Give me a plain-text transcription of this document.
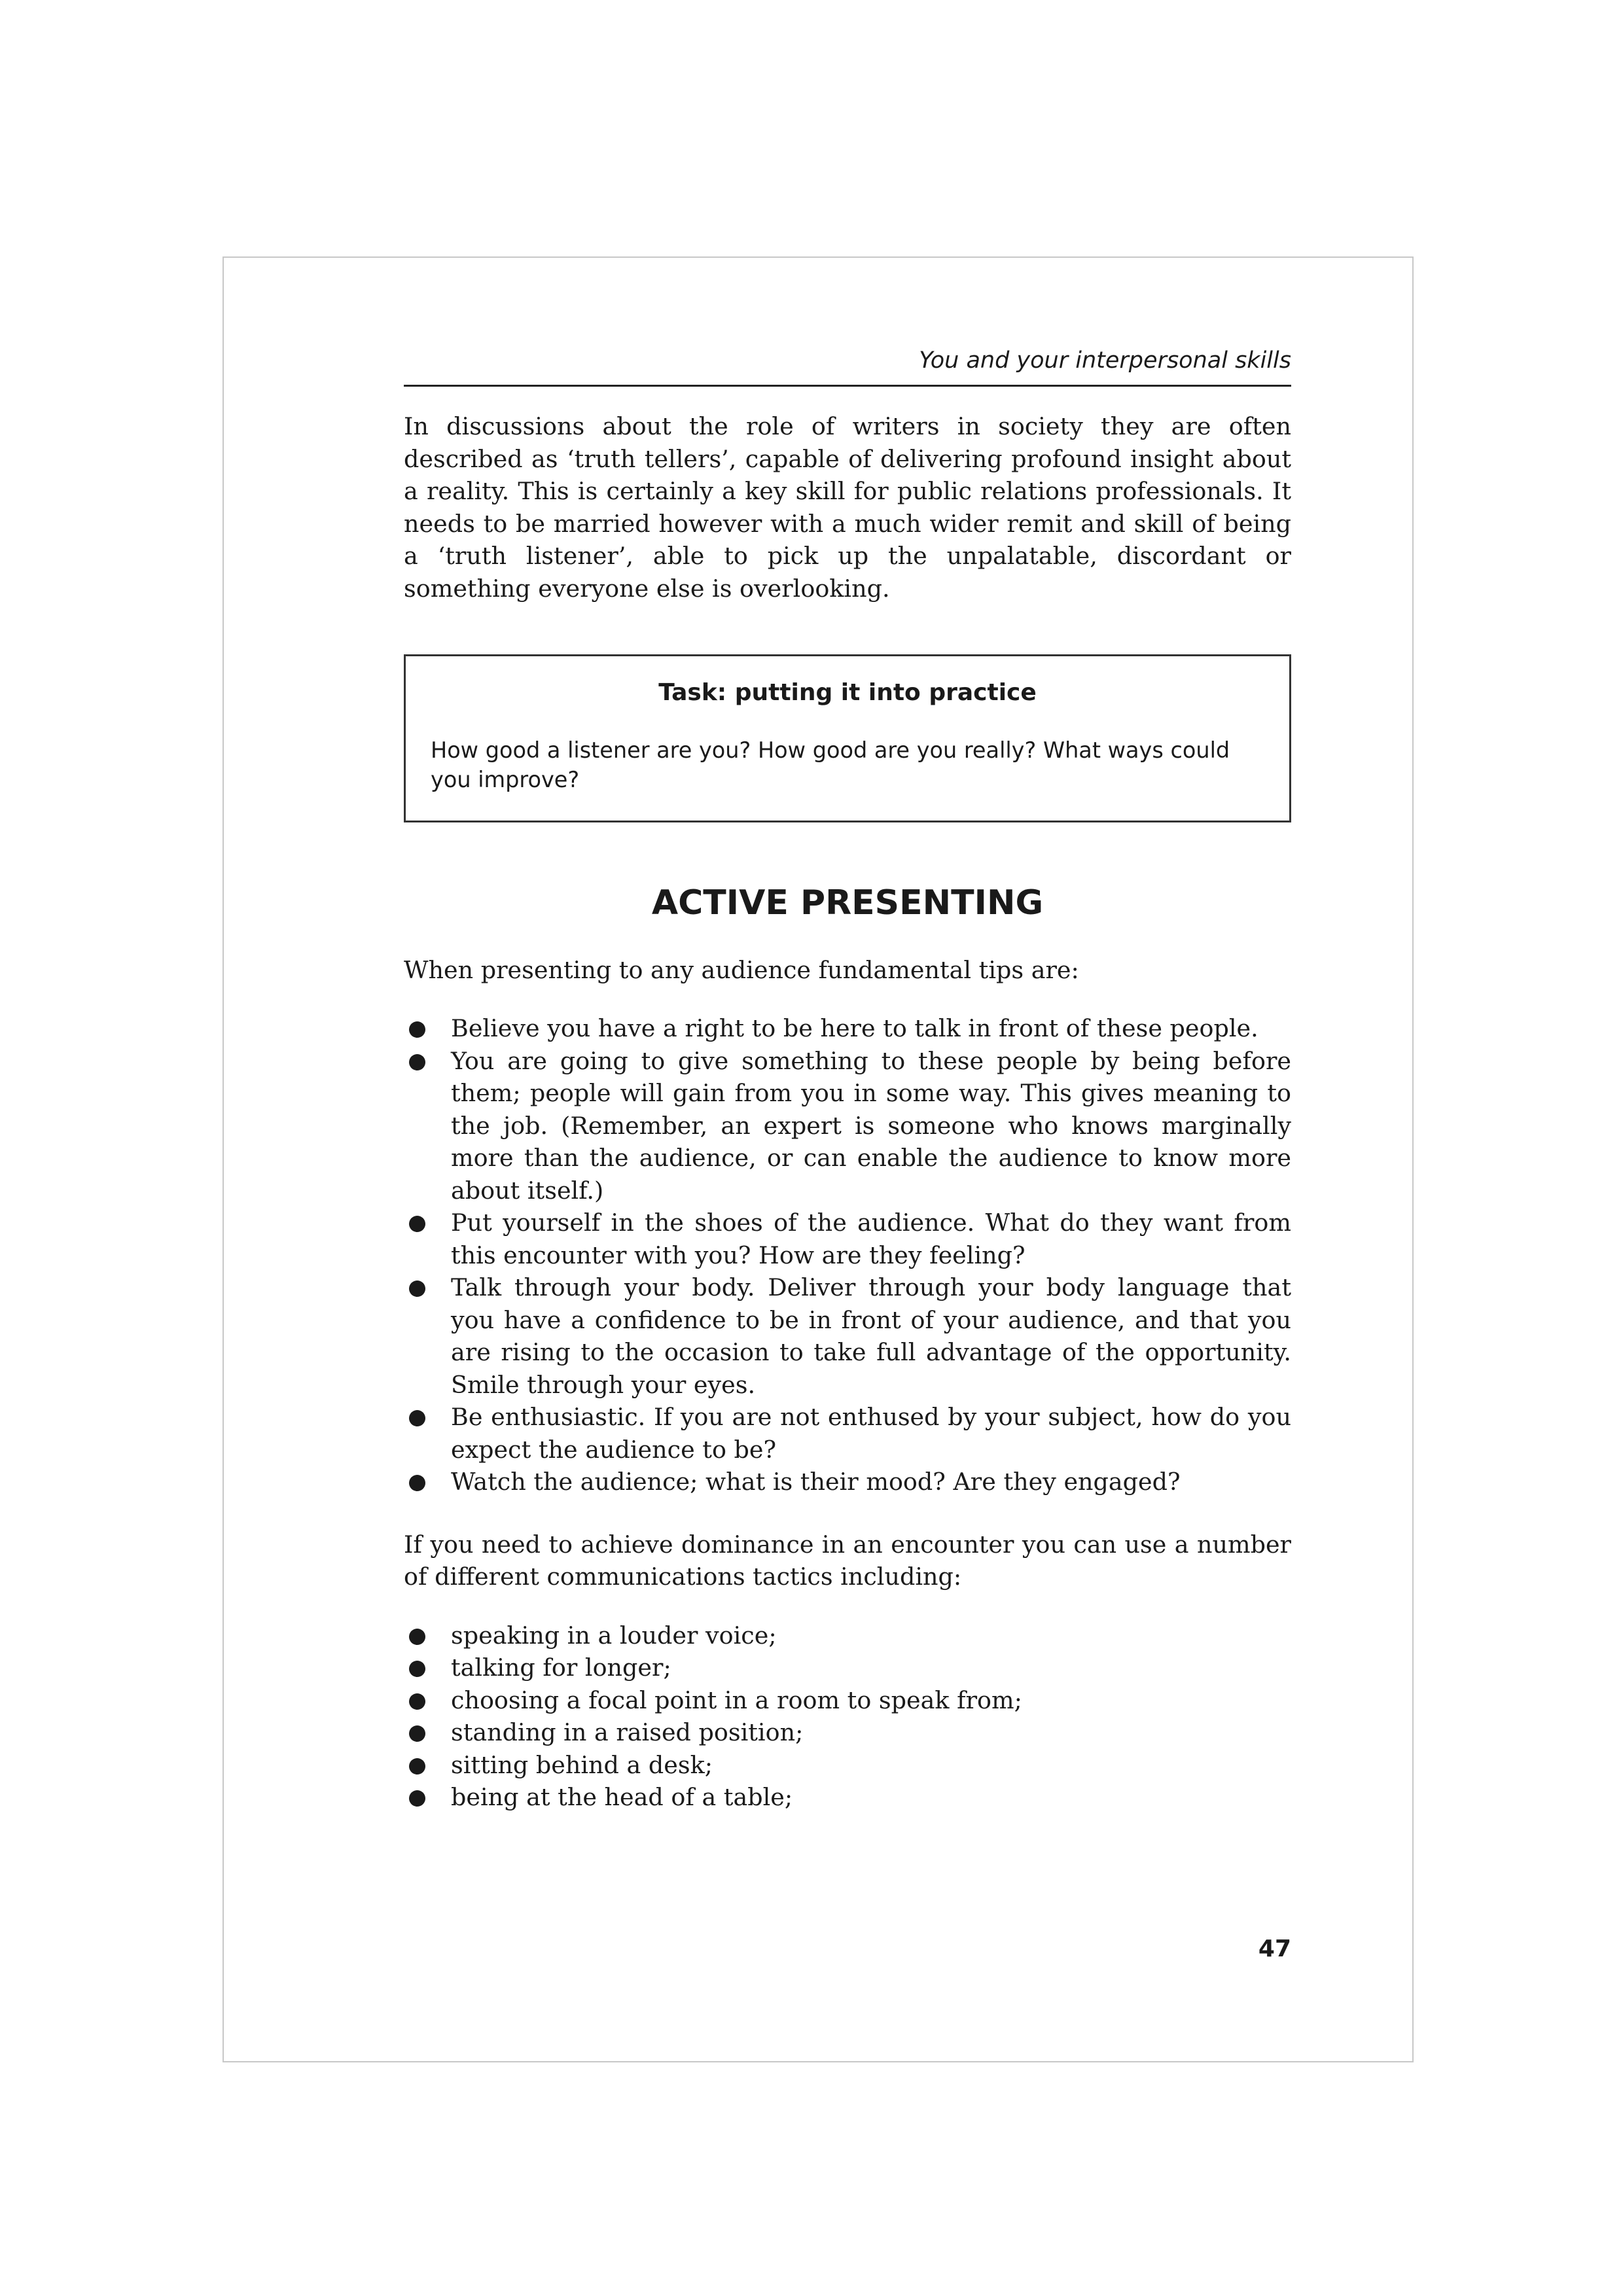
You and your interpersonal skills

In discussions about the role of writers in society they are often described as ‘truth tellers’, capable of delivering profound insight about a reality. This is certainly a key skill for public relations professionals. It needs to be married however with a much wider remit and skill of being a ‘truth listener’, able to pick up the unpalatable, discordant or something everyone else is overlooking.

Task: putting it into practice

How good a listener are you? How good are you really? What ways could you improve?

ACTIVE PRESENTING

When presenting to any audience fundamental tips are:

Believe you have a right to be here to talk in front of these people.
You are going to give something to these people by being before them; people will gain from you in some way. This gives meaning to the job. (Remember, an expert is someone who knows marginally more than the audience, or can enable the audience to know more about itself.)
Put yourself in the shoes of the audience. What do they want from this encounter with you? How are they feeling?
Talk through your body. Deliver through your body language that you have a confidence to be in front of your audience, and that you are rising to the occasion to take full advantage of the opportunity. Smile through your eyes.
Be enthusiastic. If you are not enthused by your subject, how do you expect the audience to be?
Watch the audience; what is their mood? Are they engaged?

If you need to achieve dominance in an encounter you can use a number of different communications tactics including:

speaking in a louder voice;
talking for longer;
choosing a focal point in a room to speak from;
standing in a raised position;
sitting behind a desk;
being at the head of a table;

47
